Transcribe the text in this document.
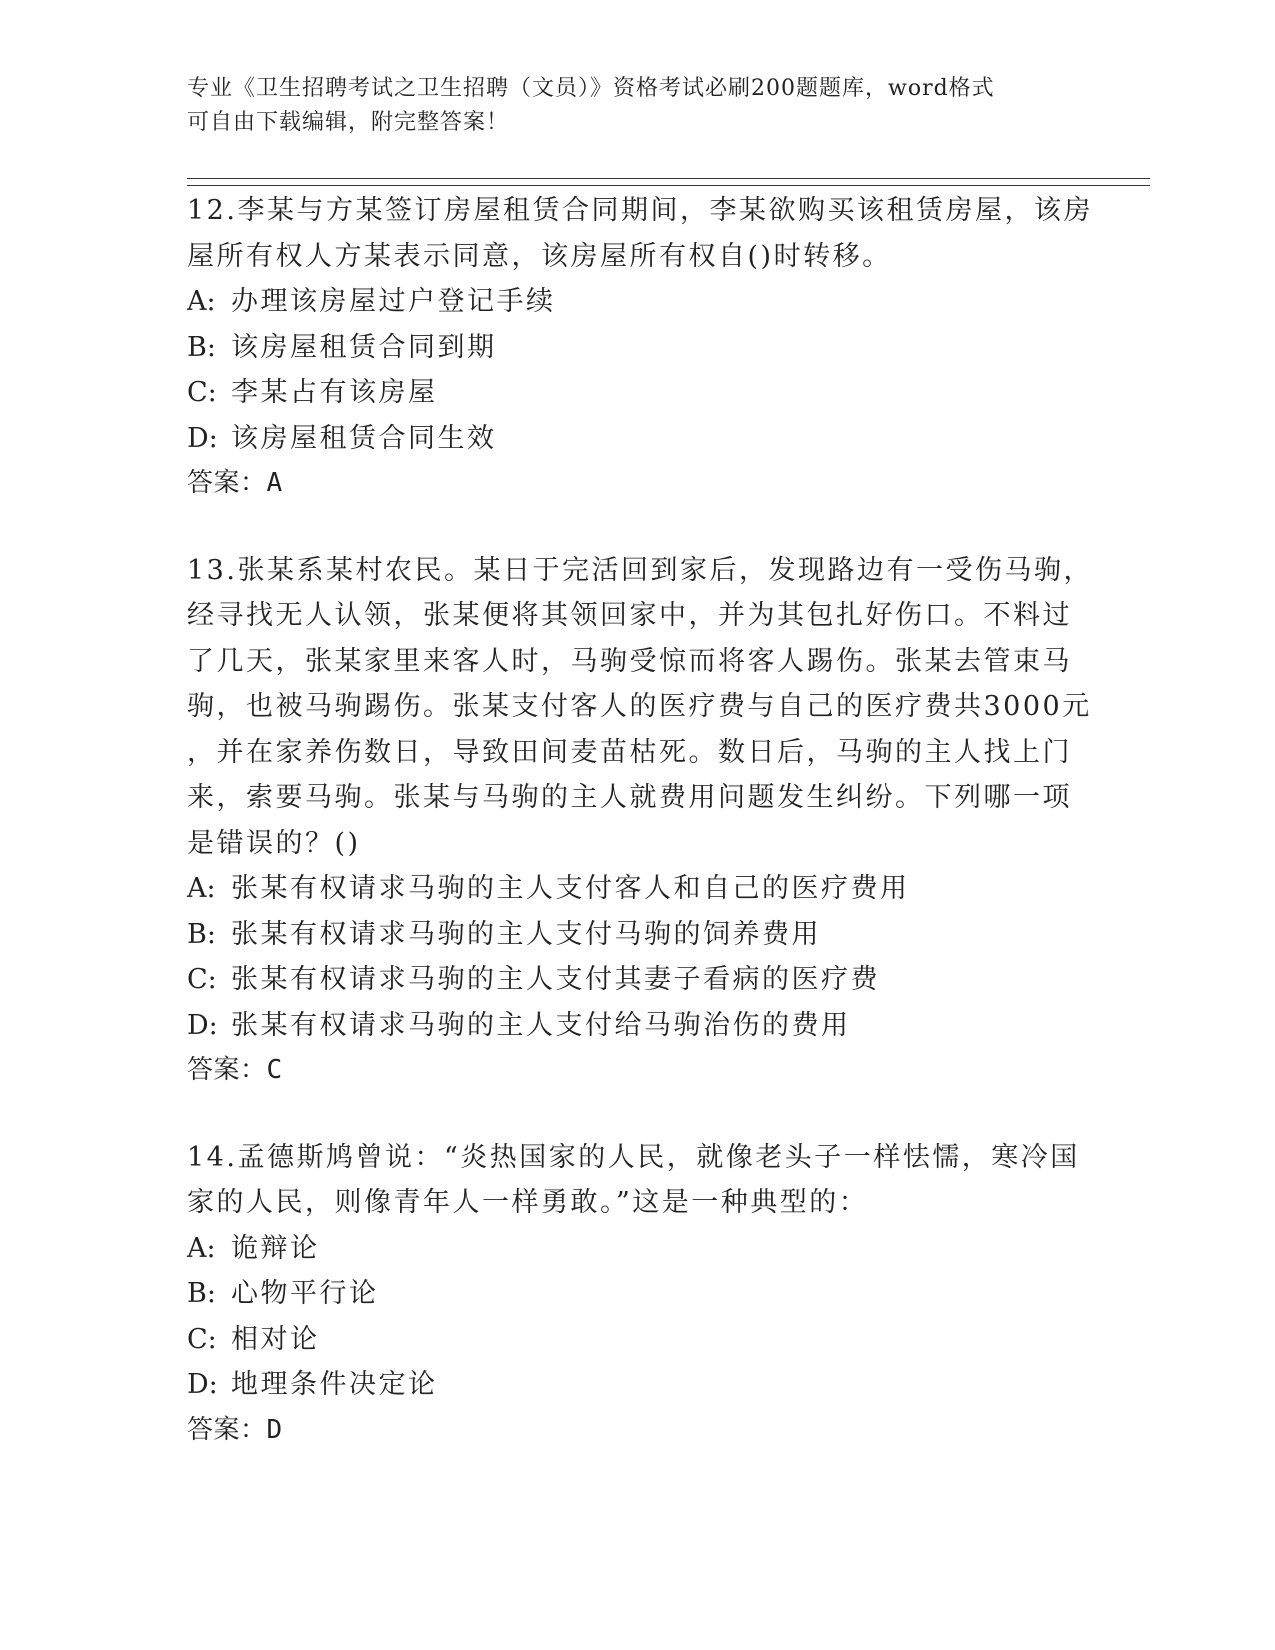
专业《卫生招聘考试之卫生招聘（文员）》资格考试必刷200题题库，word格式
可自由下载编辑，附完整答案！
12.李某与方某签订房屋租赁合同期间，李某欲购买该租赁房屋，该房
屋所有权人方某表示同意，该房屋所有权自()时转移。
A: 办理该房屋过户登记手续
B: 该房屋租赁合同到期
C: 李某占有该房屋
D: 该房屋租赁合同生效
答案：A
13.张某系某村农民。某日于完活回到家后，发现路边有一受伤马驹，
经寻找无人认领，张某便将其领回家中，并为其包扎好伤口。不料过
了几天，张某家里来客人时，马驹受惊而将客人踢伤。张某去管束马
驹，也被马驹踢伤。张某支付客人的医疗费与自己的医疗费共3000元
，并在家养伤数日，导致田间麦苗枯死。数日后，马驹的主人找上门
来，索要马驹。张某与马驹的主人就费用问题发生纠纷。下列哪一项
是错误的？()
A: 张某有权请求马驹的主人支付客人和自己的医疗费用
B: 张某有权请求马驹的主人支付马驹的饲养费用
C: 张某有权请求马驹的主人支付其妻子看病的医疗费
D: 张某有权请求马驹的主人支付给马驹治伤的费用
答案：C
14.孟德斯鸠曾说：“炎热国家的人民，就像老头子一样怯懦，寒冷国
家的人民，则像青年人一样勇敢。”这是一种典型的：
A: 诡辩论
B: 心物平行论
C: 相对论
D: 地理条件决定论
答案：D
